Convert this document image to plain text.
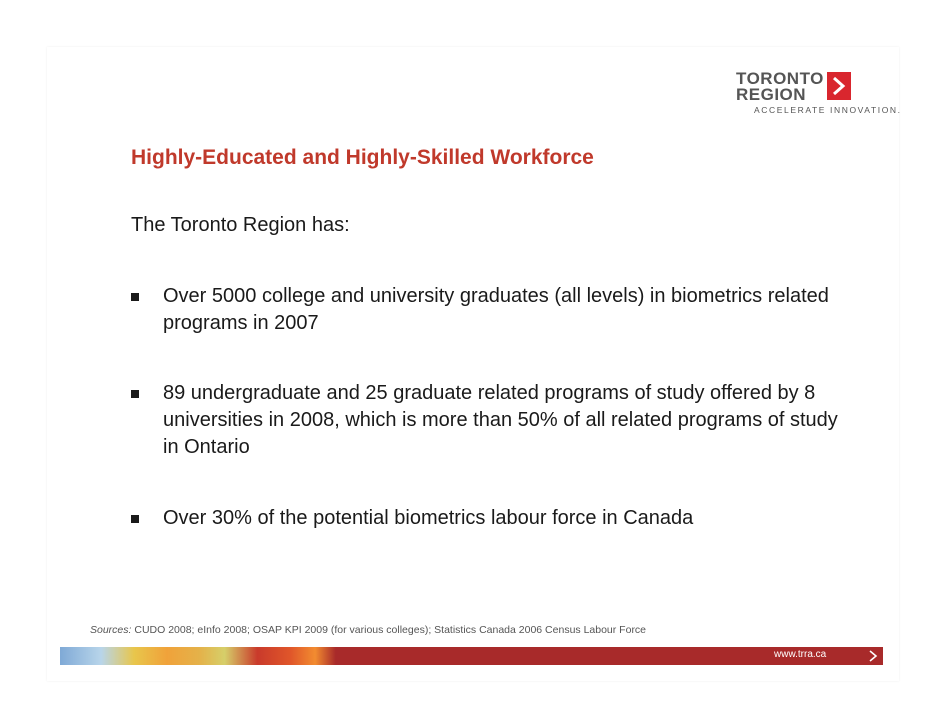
TORONTO
REGION
ACCELERATE INNOVATION.
Highly-Educated and Highly-Skilled Workforce
The Toronto Region has:
Over 5000 college and university graduates (all levels) in biometrics related programs in 2007
89 undergraduate and 25 graduate related programs of study offered by 8 universities in 2008, which is more than 50% of all related programs of study in Ontario
Over 30% of the potential biometrics labour force in Canada
Sources: CUDO 2008; eInfo 2008; OSAP KPI 2009 (for various colleges); Statistics Canada 2006 Census Labour Force
www.trra.ca
